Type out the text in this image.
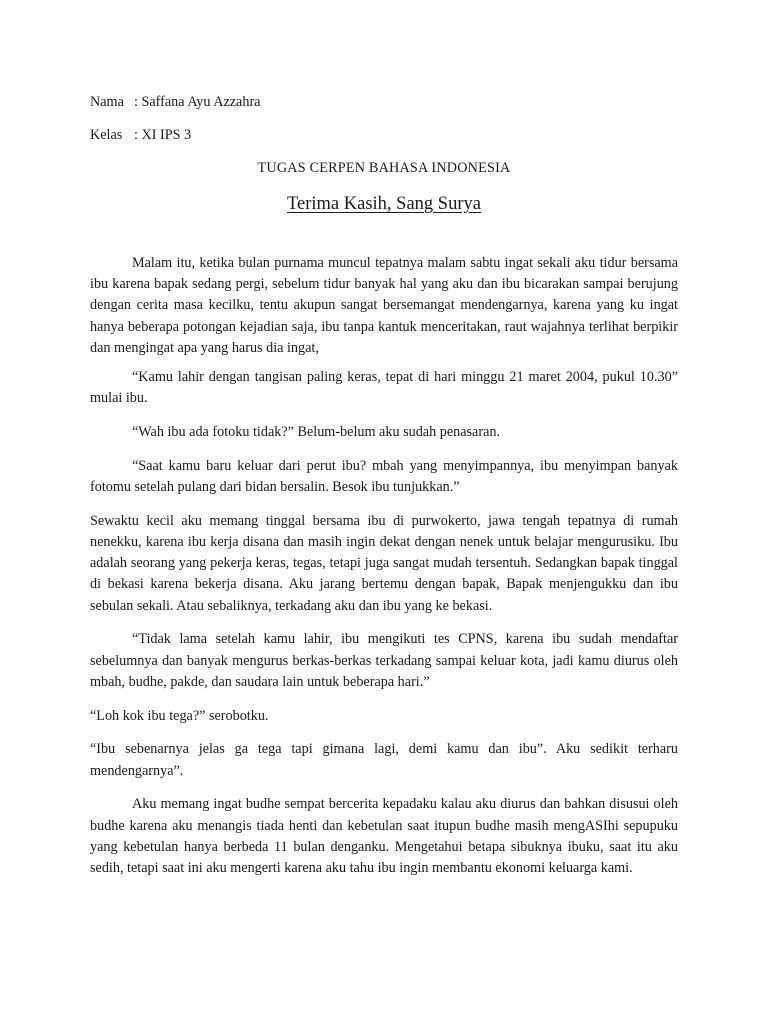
Nama : Saffana Ayu Azzahra
Kelas : XI IPS 3
TUGAS CERPEN BAHASA INDONESIA
Terima Kasih, Sang Surya

Malam itu, ketika bulan purnama muncul tepatnya malam sabtu ingat sekali aku tidur bersama ibu karena bapak sedang pergi, sebelum tidur banyak hal yang aku dan ibu bicarakan sampai berujung dengan cerita masa kecilku, tentu akupun sangat bersemangat mendengarnya, karena yang ku ingat hanya beberapa potongan kejadian saja, ibu tanpa kantuk menceritakan, raut wajahnya terlihat berpikir dan mengingat apa yang harus dia ingat,

“Kamu lahir dengan tangisan paling keras, tepat di hari minggu 21 maret 2004, pukul 10.30” mulai ibu.

“Wah ibu ada fotoku tidak?” Belum-belum aku sudah penasaran.

“Saat kamu baru keluar dari perut ibu? mbah yang menyimpannya, ibu menyimpan banyak fotomu setelah pulang dari bidan bersalin. Besok ibu tunjukkan.”

Sewaktu kecil aku memang tinggal bersama ibu di purwokerto, jawa tengah tepatnya di rumah nenekku, karena ibu kerja disana dan masih ingin dekat dengan nenek untuk belajar mengurusiku. Ibu adalah seorang yang pekerja keras, tegas, tetapi juga sangat mudah tersentuh. Sedangkan bapak tinggal di bekasi karena bekerja disana. Aku jarang bertemu dengan bapak, Bapak menjengukku dan ibu sebulan sekali. Atau sebaliknya, terkadang aku dan ibu yang ke bekasi.

“Tidak lama setelah kamu lahir, ibu mengikuti tes CPNS, karena ibu sudah mendaftar sebelumnya dan banyak mengurus berkas-berkas terkadang sampai keluar kota, jadi kamu diurus oleh mbah, budhe, pakde, dan saudara lain untuk beberapa hari.”

“Loh kok ibu tega?” serobotku.

“Ibu sebenarnya jelas ga tega tapi gimana lagi, demi kamu dan ibu”. Aku sedikit terharu mendengarnya”.

Aku memang ingat budhe sempat bercerita kepadaku kalau aku diurus dan bahkan disusui oleh budhe karena aku menangis tiada henti dan kebetulan saat itupun budhe masih mengASIhi sepupuku yang kebetulan hanya berbeda 11 bulan denganku. Mengetahui betapa sibuknya ibuku, saat itu aku sedih, tetapi saat ini aku mengerti karena aku tahu ibu ingin membantu ekonomi keluarga kami.
